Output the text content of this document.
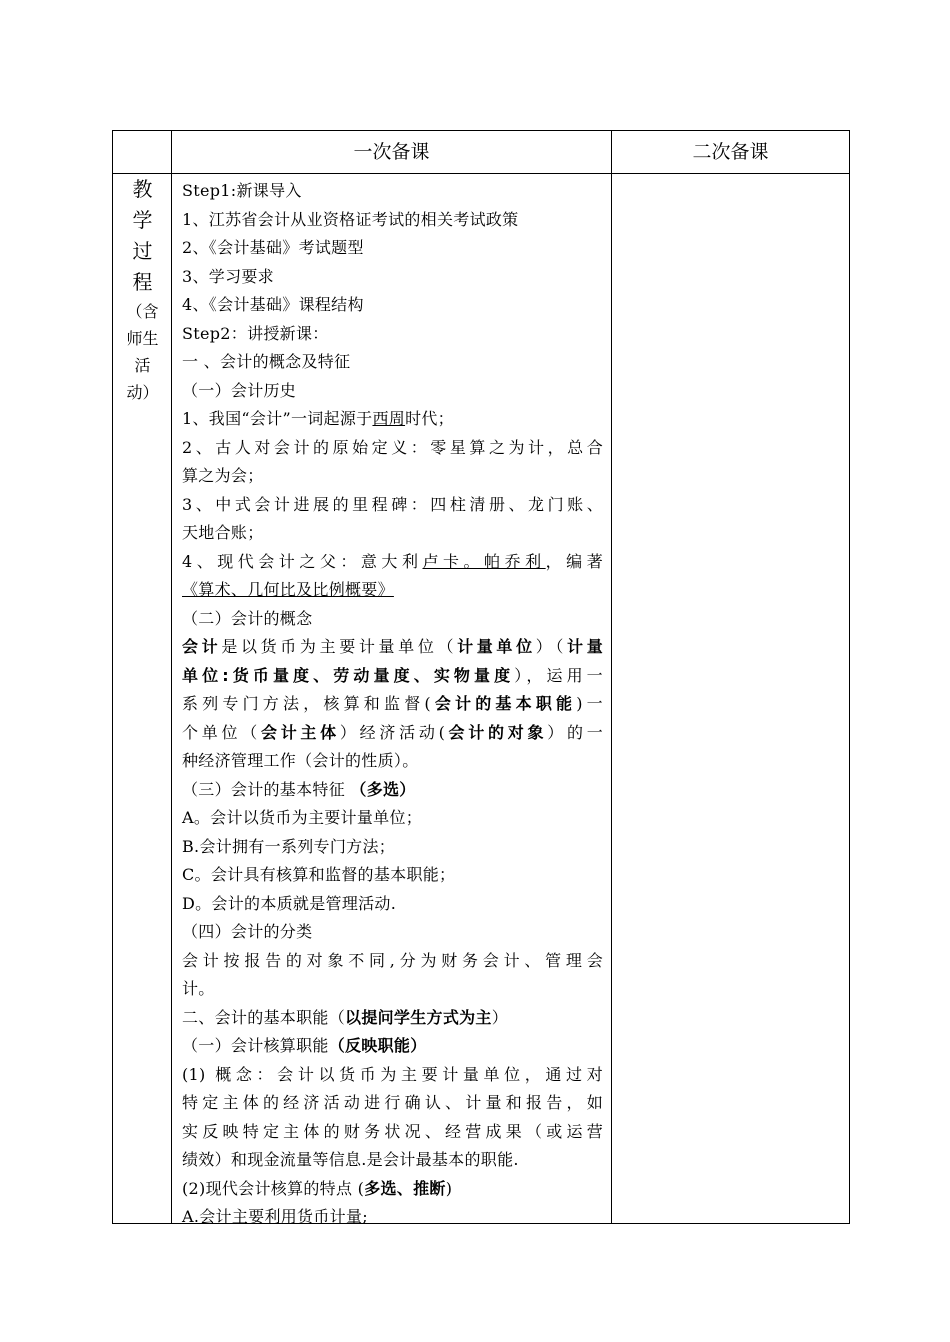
一次备课	二次备课
教
学
过
程
（含
师生
活
动）
Step1:新课导入
1、江苏省会计从业资格证考试的相关考试政策
2、《会计基础》考试题型
3、学习要求
4、《会计基础》课程结构
Step2：讲授新课：
一 、会计的概念及特征
（一）会计历史
1、我国“会计”一词起源于西周时代；
2、古人对会计的原始定义：零星算之为计，总合
算之为会；
3、中式会计进展的里程碑：四柱清册、龙门账、
天地合账；
4、现代会计之父：意大利卢卡。帕乔利，编著
《算术、几何比及比例概要》
（二）会计的概念
会计是以货币为主要计量单位（计量单位）（计量
单位:货币量度、劳动量度、实物量度），运用一
系列专门方法，核算和监督(会计的基本职能)一
个单位（会计主体）经济活动(会计的对象）的一
种经济管理工作（会计的性质）。
（三）会计的基本特征 （多选）
A。会计以货币为主要计量单位；
B.会计拥有一系列专门方法；
C。会计具有核算和监督的基本职能；
D。会计的本质就是管理活动.
（四）会计的分类
会计按报告的对象不同,分为财务会计、管理会
计。
二、会计的基本职能（以提问学生方式为主）
（一）会计核算职能（反映职能）
(1) 概念：会计以货币为主要计量单位，通过对
特定主体的经济活动进行确认、计量和报告，如
实反映特定主体的财务状况、经营成果（或运营
绩效）和现金流量等信息.是会计最基本的职能.
(2)现代会计核算的特点 (多选、推断)
A.会计主要利用货币计量;
